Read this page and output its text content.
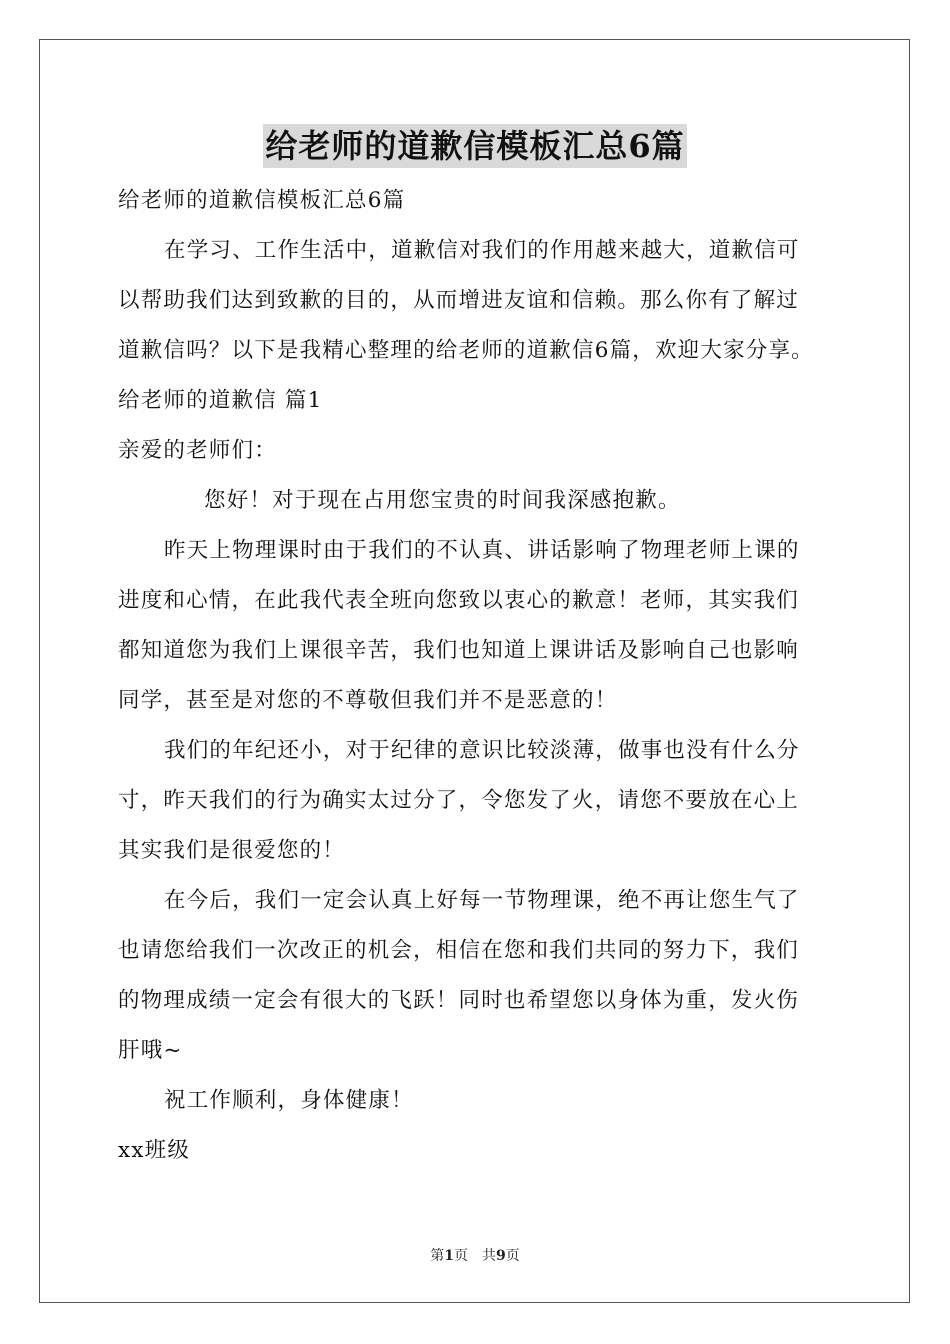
给老师的道歉信模板汇总6篇

给老师的道歉信模板汇总6篇

在学习、工作生活中，道歉信对我们的作用越来越大，道歉信可

以帮助我们达到致歉的目的，从而增进友谊和信赖。那么你有了解过

道歉信吗？以下是我精心整理的给老师的道歉信6篇，欢迎大家分享。

给老师的道歉信 篇1

亲爱的老师们：

您好！对于现在占用您宝贵的时间我深感抱歉。

昨天上物理课时由于我们的不认真、讲话影响了物理老师上课的

进度和心情，在此我代表全班向您致以衷心的歉意！老师，其实我们

都知道您为我们上课很辛苦，我们也知道上课讲话及影响自己也影响

同学，甚至是对您的不尊敬但我们并不是恶意的！

我们的年纪还小，对于纪律的意识比较淡薄，做事也没有什么分

寸，昨天我们的行为确实太过分了，令您发了火，请您不要放在心上

其实我们是很爱您的！

在今后，我们一定会认真上好每一节物理课，绝不再让您生气了

也请您给我们一次改正的机会，相信在您和我们共同的努力下，我们

的物理成绩一定会有很大的飞跃！同时也希望您以身体为重，发火伤

肝哦~

祝工作顺利，身体健康！

xx班级

第1页　共9页
